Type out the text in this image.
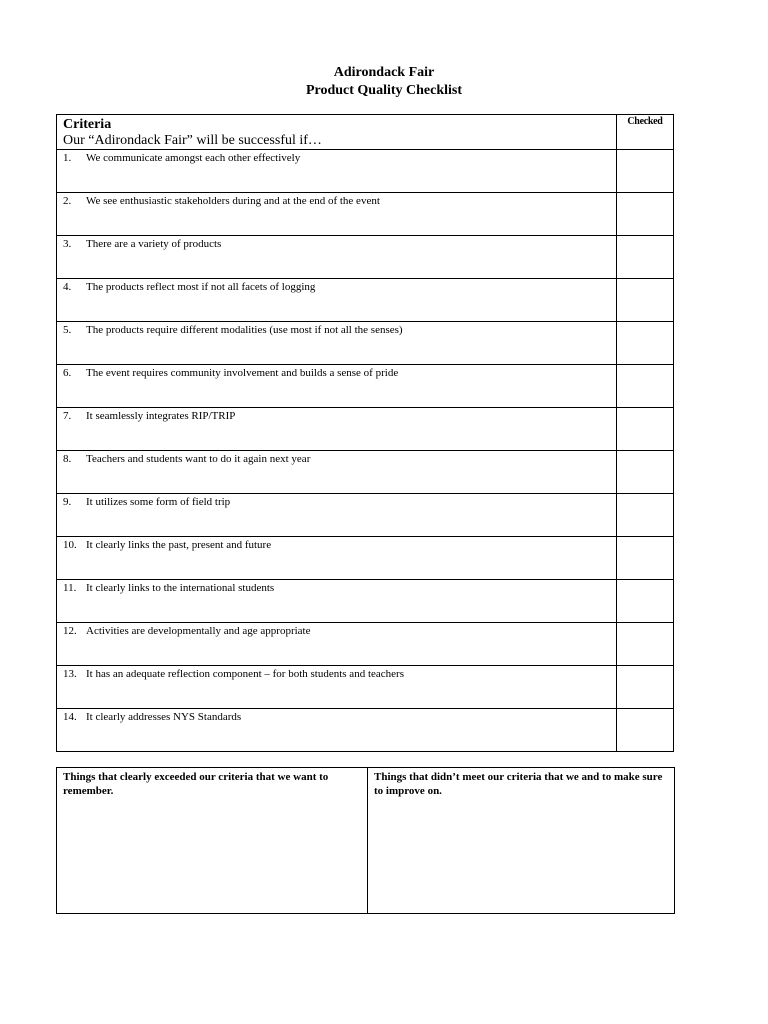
Adirondack Fair
Product Quality Checklist
Criteria
Our “Adirondack Fair” will be successful if…	Checked
1. We communicate amongst each other effectively	
2. We see enthusiastic stakeholders during and at the end of the event	
3. There are a variety of products	
4. The products reflect most if not all facets of logging	
5. The products require different modalities (use most if not all the senses)	
6. The event requires community involvement and builds a sense of pride	
7. It seamlessly integrates RIP/TRIP	
8. Teachers and students want to do it again next year	
9. It utilizes some form of field trip	
10. It clearly links the past, present and future	
11. It clearly links to the international students	
12. Activities are developmentally and age appropriate	
13. It has an adequate reflection component – for both students and teachers	
14. It clearly addresses NYS Standards	
Things that clearly exceeded our criteria that we want to remember.	Things that didn’t meet our criteria that we and to make sure to improve on.
